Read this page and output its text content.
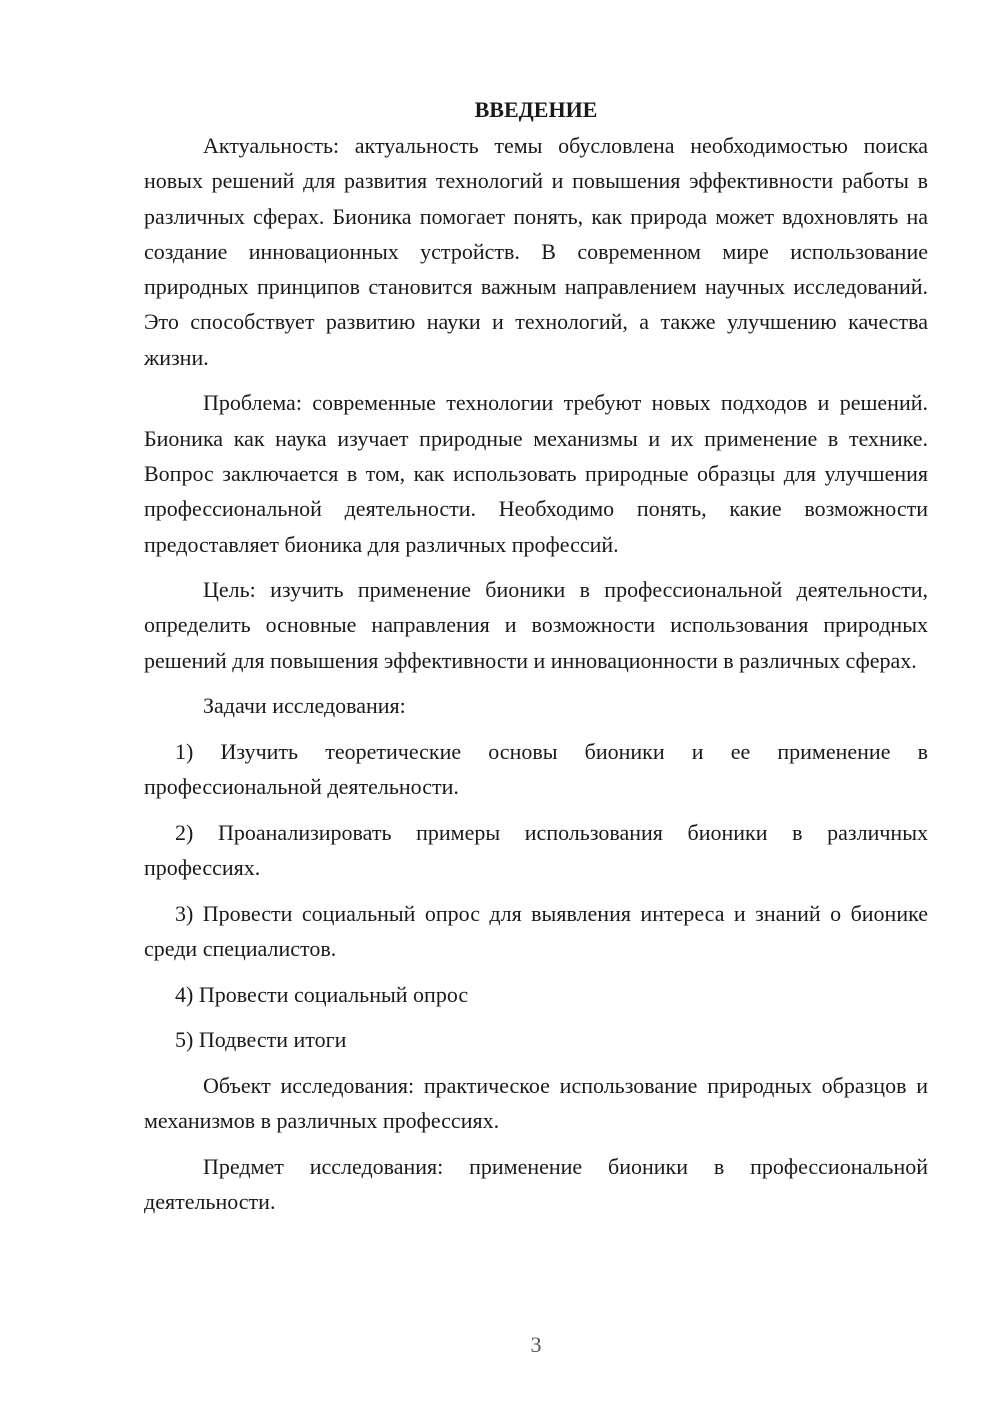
ВВЕДЕНИЕ

Актуальность: актуальность темы обусловлена необходимостью поиска новых решений для развития технологий и повышения эффективности работы в различных сферах. Бионика помогает понять, как природа может вдохновлять на создание инновационных устройств. В современном мире использование природных принципов становится важным направлением научных исследований. Это способствует развитию науки и технологий, а также улучшению качества жизни.

Проблема: современные технологии требуют новых подходов и решений. Бионика как наука изучает природные механизмы и их применение в технике. Вопрос заключается в том, как использовать природные образцы для улучшения профессиональной деятельности. Необходимо понять, какие возможности предоставляет бионика для различных профессий.

Цель: изучить применение бионики в профессиональной деятельности, определить основные направления и возможности использования природных решений для повышения эффективности и инновационности в различных сферах.

Задачи исследования:

1) Изучить теоретические основы бионики и ее применение в профессиональной деятельности.

2) Проанализировать примеры использования бионики в различных профессиях.

3) Провести социальный опрос для выявления интереса и знаний о бионике среди специалистов.

4) Провести социальный опрос

5) Подвести итоги

Объект исследования: практическое использование природных образцов и механизмов в различных профессиях.

Предмет исследования: применение бионики в профессиональной деятельности.

3
